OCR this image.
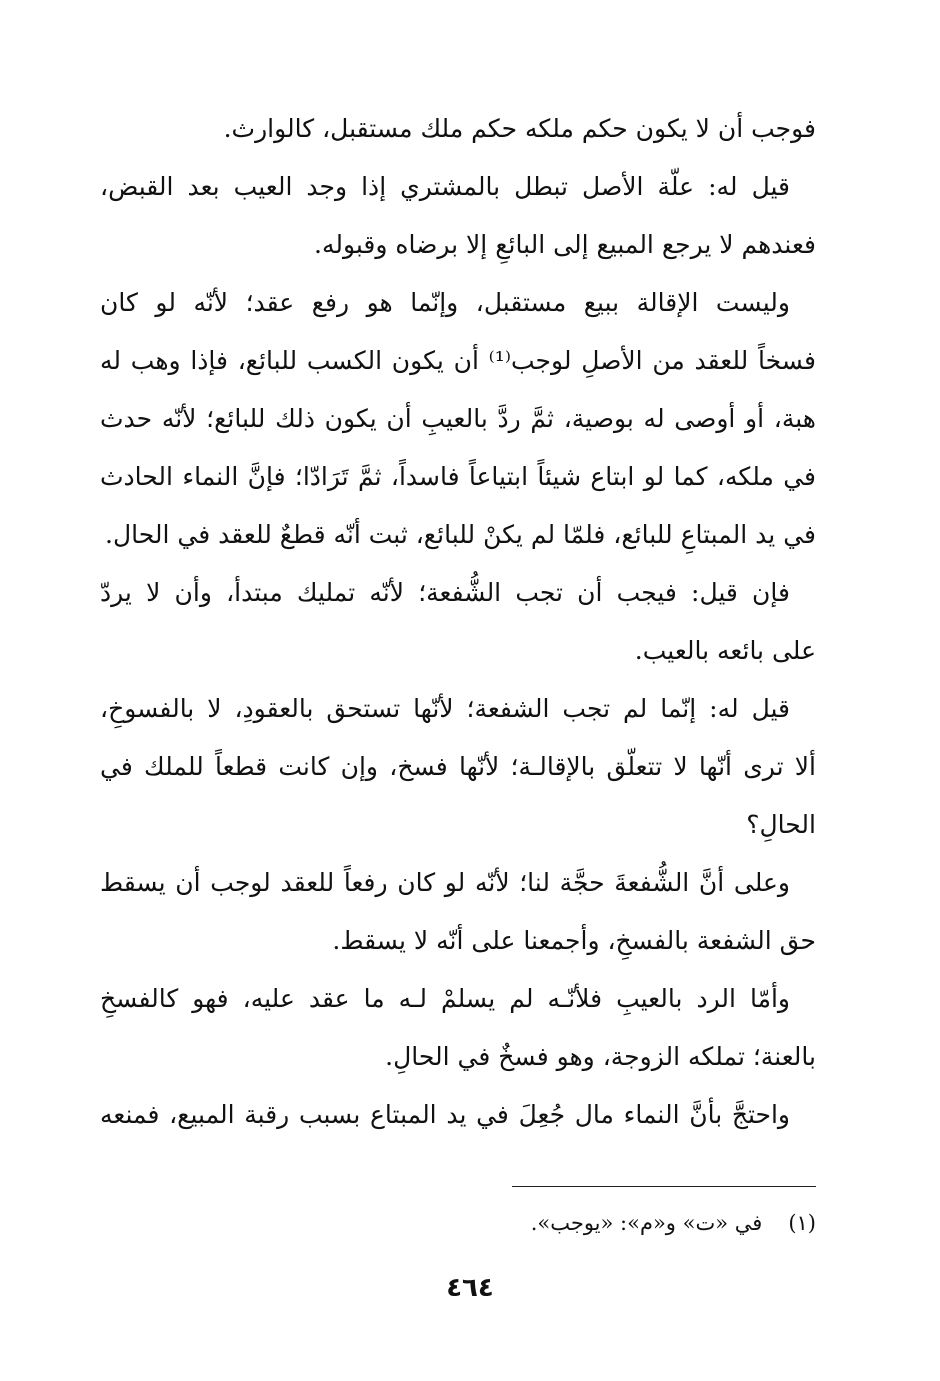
فوجب أن لا يكون حكم ملكه حكم ملك مستقبل، كالوارث.
قيل له: علّة الأصل تبطل بالمشتري إذا وجد العيب بعد القبض،
فعندهم لا يرجع المبيع إلى البائعِ إلا برضاه وقبوله.
وليست الإقالة ببيع مستقبل، وإنّما هو رفع عقد؛ لأنّه لو كان
فسخاً للعقد من الأصلِ لوجب⁽¹⁾ أن يكون الكسب للبائع، فإذا وهب له
هبة، أو أوصى له بوصية، ثمَّ ردَّ بالعيبِ أن يكون ذلك للبائع؛ لأنّه حدث
في ملكه، كما لو ابتاع شيئاً ابتياعاً فاسداً، ثمَّ تَرَادّا؛ فإنَّ النماء الحادث
في يد المبتاعِ للبائع، فلمّا لم يكنْ للبائع، ثبت أنّه قطعٌ للعقد في الحال.
فإن قيل: فيجب أن تجب الشُّفعة؛ لأنّه تمليك مبتدأ، وأن لا يردّ
على بائعه بالعيب.
قيل له: إنّما لم تجب الشفعة؛ لأنّها تستحق بالعقودِ، لا بالفسوخِ،
ألا ترى أنّها لا تتعلّق بالإقالـة؛ لأنّها فسخ، وإن كانت قطعاً للملك في
الحالِ؟
وعلى أنَّ الشُّفعةَ حجَّة لنا؛ لأنّه لو كان رفعاً للعقد لوجب أن يسقط
حق الشفعة بالفسخِ، وأجمعنا على أنّه لا يسقط.
وأمّا الرد بالعيبِ فلأنّـه لم يسلمْ لـه ما عقد عليه، فهو كالفسخِ
بالعنة؛ تملكه الزوجة، وهو فسخٌ في الحالِ.
واحتجَّ بأنَّ النماء مال جُعِلَ في يد المبتاع بسبب رقبة المبيع، فمنعه
(١)في «ت» و«م»: «يوجب».
٤٦٤
